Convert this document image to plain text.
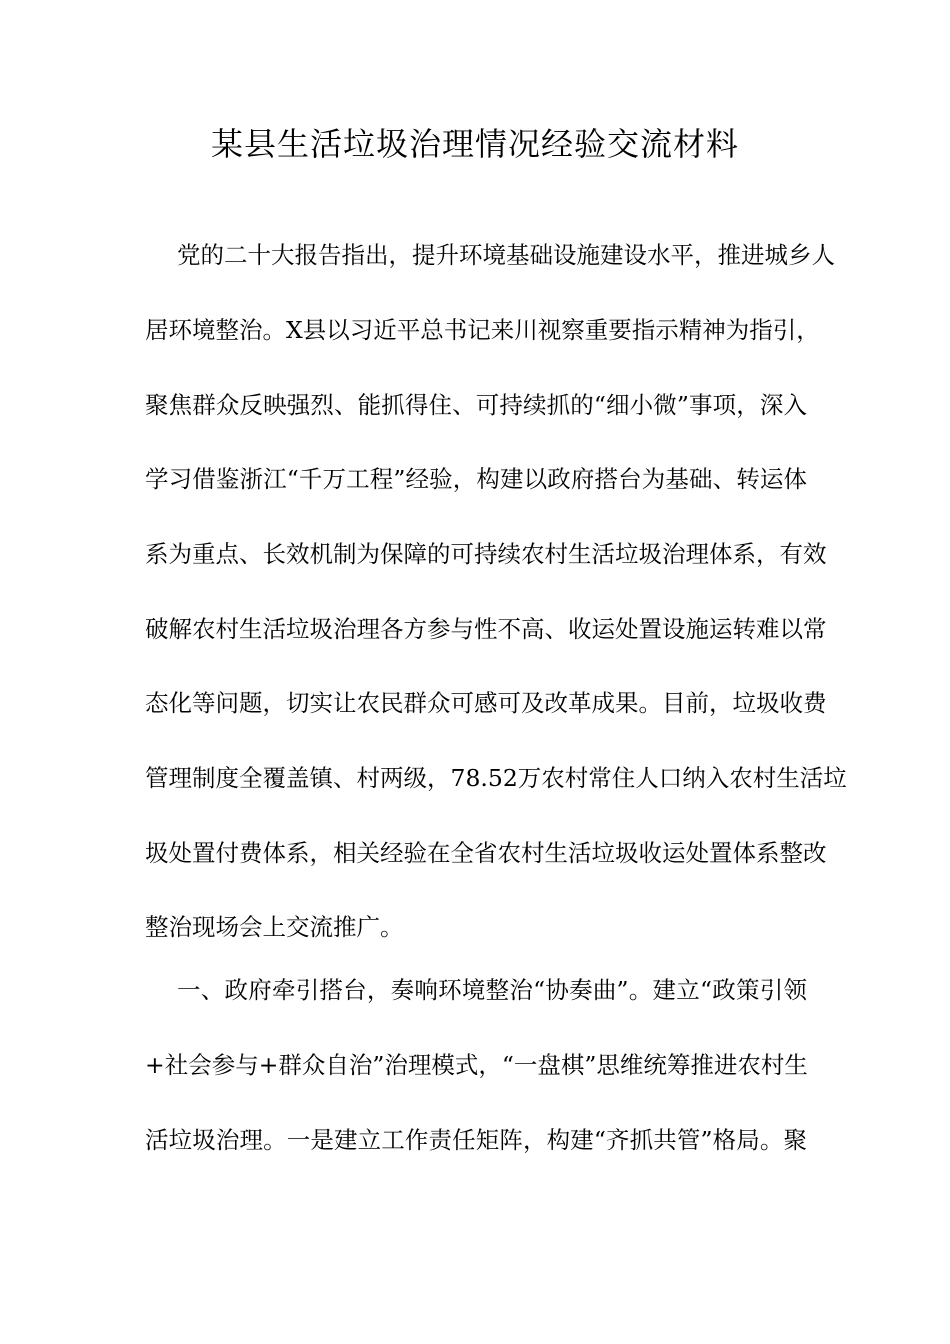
某县生活垃圾治理情况经验交流材料
党的二十大报告指出，提升环境基础设施建设水平，推进城乡人
居环境整治。X县以习近平总书记来川视察重要指示精神为指引，
聚焦群众反映强烈、能抓得住、可持续抓的“细小微”事项，深入
学习借鉴浙江“千万工程”经验，构建以政府搭台为基础、转运体
系为重点、长效机制为保障的可持续农村生活垃圾治理体系，有效
破解农村生活垃圾治理各方参与性不高、收运处置设施运转难以常
态化等问题，切实让农民群众可感可及改革成果。目前，垃圾收费
管理制度全覆盖镇、村两级，78.52万农村常住人口纳入农村生活垃
圾处置付费体系，相关经验在全省农村生活垃圾收运处置体系整改
整治现场会上交流推广。
一、政府牵引搭台，奏响环境整治“协奏曲”。建立“政策引领
+社会参与+群众自治”治理模式，“一盘棋”思维统筹推进农村生
活垃圾治理。一是建立工作责任矩阵，构建“齐抓共管”格局。聚
